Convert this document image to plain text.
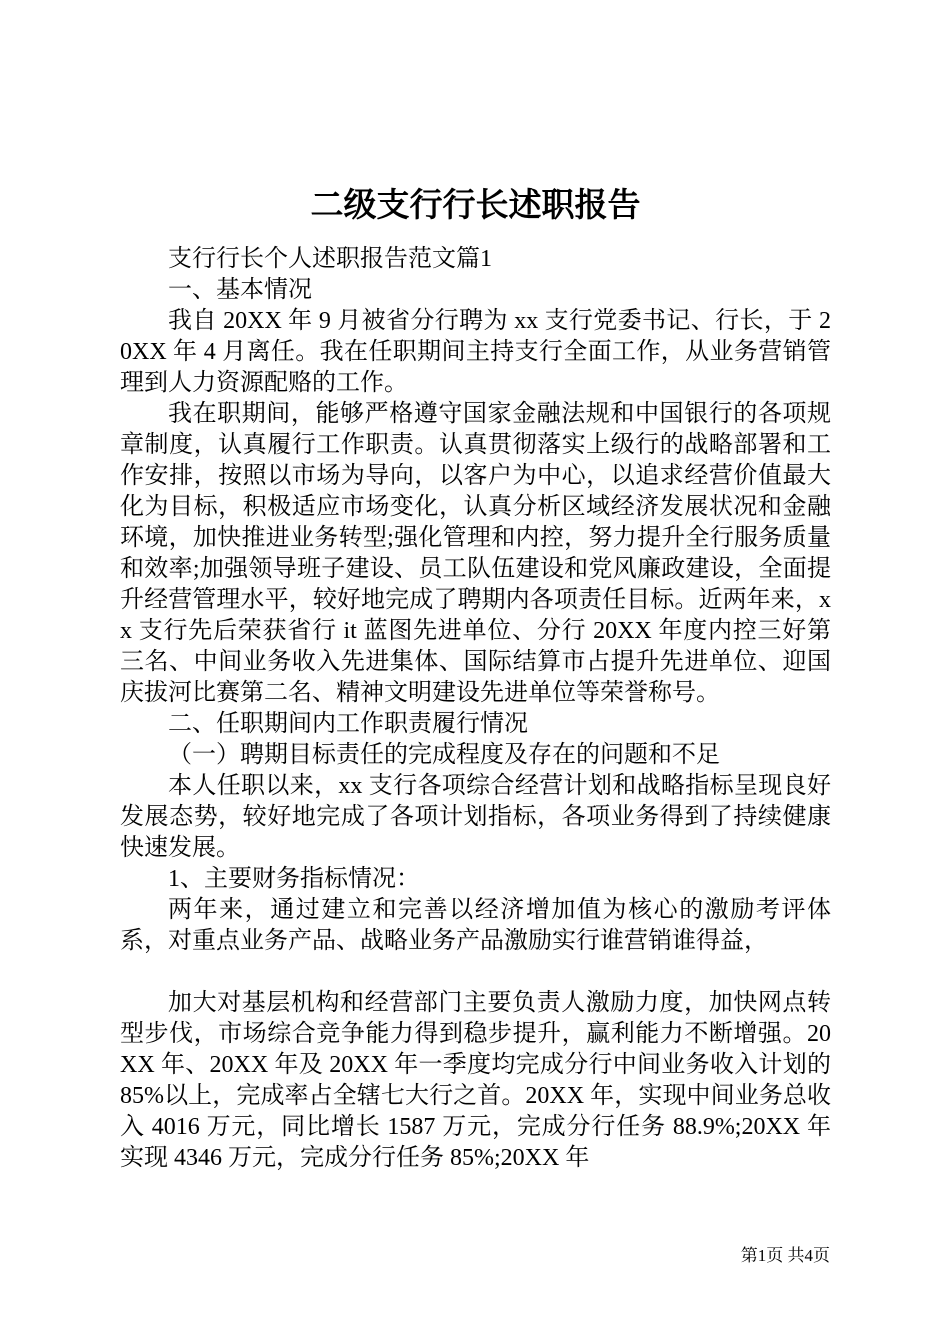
二级支行行长述职报告

支行行长个人述职报告范文篇1

一、基本情况

我自 20XX 年 9 月被省分行聘为 xx 支行党委书记、行长，于 20XX 年 4 月离任。我在任职期间主持支行全面工作，从业务营销管理到人力资源配赂的工作。

我在职期间，能够严格遵守国家金融法规和中国银行的各项规章制度，认真履行工作职责。认真贯彻落实上级行的战略部署和工作安排，按照以市场为导向，以客户为中心，以追求经营价值最大化为目标，积极适应市场变化，认真分析区域经济发展状况和金融环境，加快推进业务转型;强化管理和内控，努力提升全行服务质量和效率;加强领导班子建设、员工队伍建设和党风廉政建设，全面提升经营管理水平，较好地完成了聘期内各项责任目标。近两年来，xx 支行先后荣获省行 it 蓝图先进单位、分行 20XX 年度内控三好第三名、中间业务收入先进集体、国际结算市占提升先进单位、迎国庆拔河比赛第二名、精神文明建设先进单位等荣誉称号。

二、任职期间内工作职责履行情况

（一）聘期目标责任的完成程度及存在的问题和不足

本人任职以来，xx 支行各项综合经营计划和战略指标呈现良好发展态势，较好地完成了各项计划指标，各项业务得到了持续健康快速发展。

1、主要财务指标情况：

两年来，通过建立和完善以经济增加值为核心的激励考评体系，对重点业务产品、战略业务产品激励实行谁营销谁得益，

加大对基层机构和经营部门主要负责人激励力度，加快网点转型步伐，市场综合竞争能力得到稳步提升，赢利能力不断增强。20XX 年、20XX 年及 20XX 年一季度均完成分行中间业务收入计划的 85%以上，完成率占全辖七大行之首。20XX 年，实现中间业务总收入 4016 万元，同比增长 1587 万元，完成分行任务 88.9%;20XX 年实现 4346 万元，完成分行任务 85%;20XX 年

第1页 共4页
